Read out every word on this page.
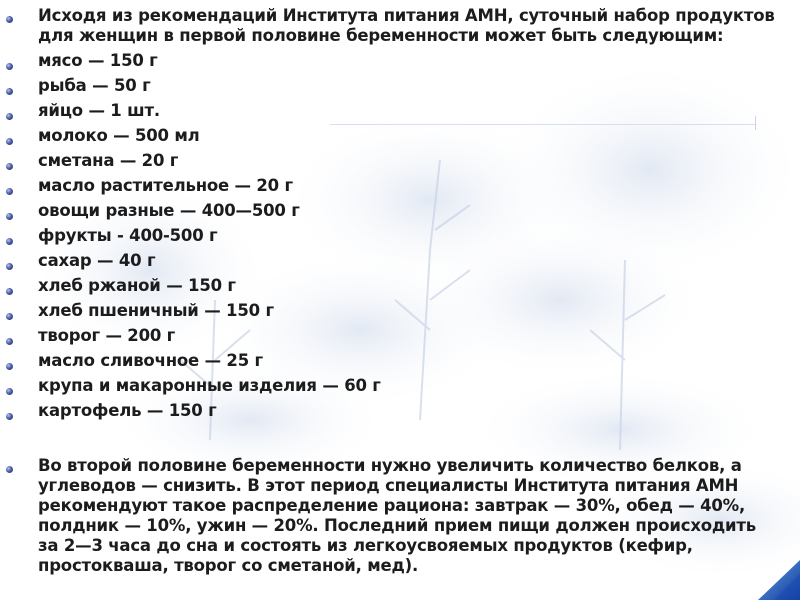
Исходя из рекомендаций Института питания АМН, суточный набор продуктов
для женщин в первой половине беременности может быть следующим:
мясо — 150 г
рыба — 50 г
яйцо — 1 шт.
молоко — 500 мл
сметана — 20 г
масло растительное — 20 г
овощи разные — 400—500 г
фрукты - 400-500 г
сахар — 40 г
хлеб ржаной — 150 г
хлеб пшеничный — 150 г
творог — 200 г
масло сливочное — 25 г
крупа и макаронные изделия — 60 г
картофель — 150 г
Во второй половине беременности нужно увеличить количество белков, а
углеводов — снизить. В этот период специалисты Института питания АМН
рекомендуют такое распределение рациона: завтрак — 30%, обед — 40%,
полдник — 10%, ужин — 20%. Последний прием пищи должен происходить
за 2—3 часа до сна и состоять из легкоусвояемых продуктов (кефир,
простокваша, творог со сметаной, мед).
